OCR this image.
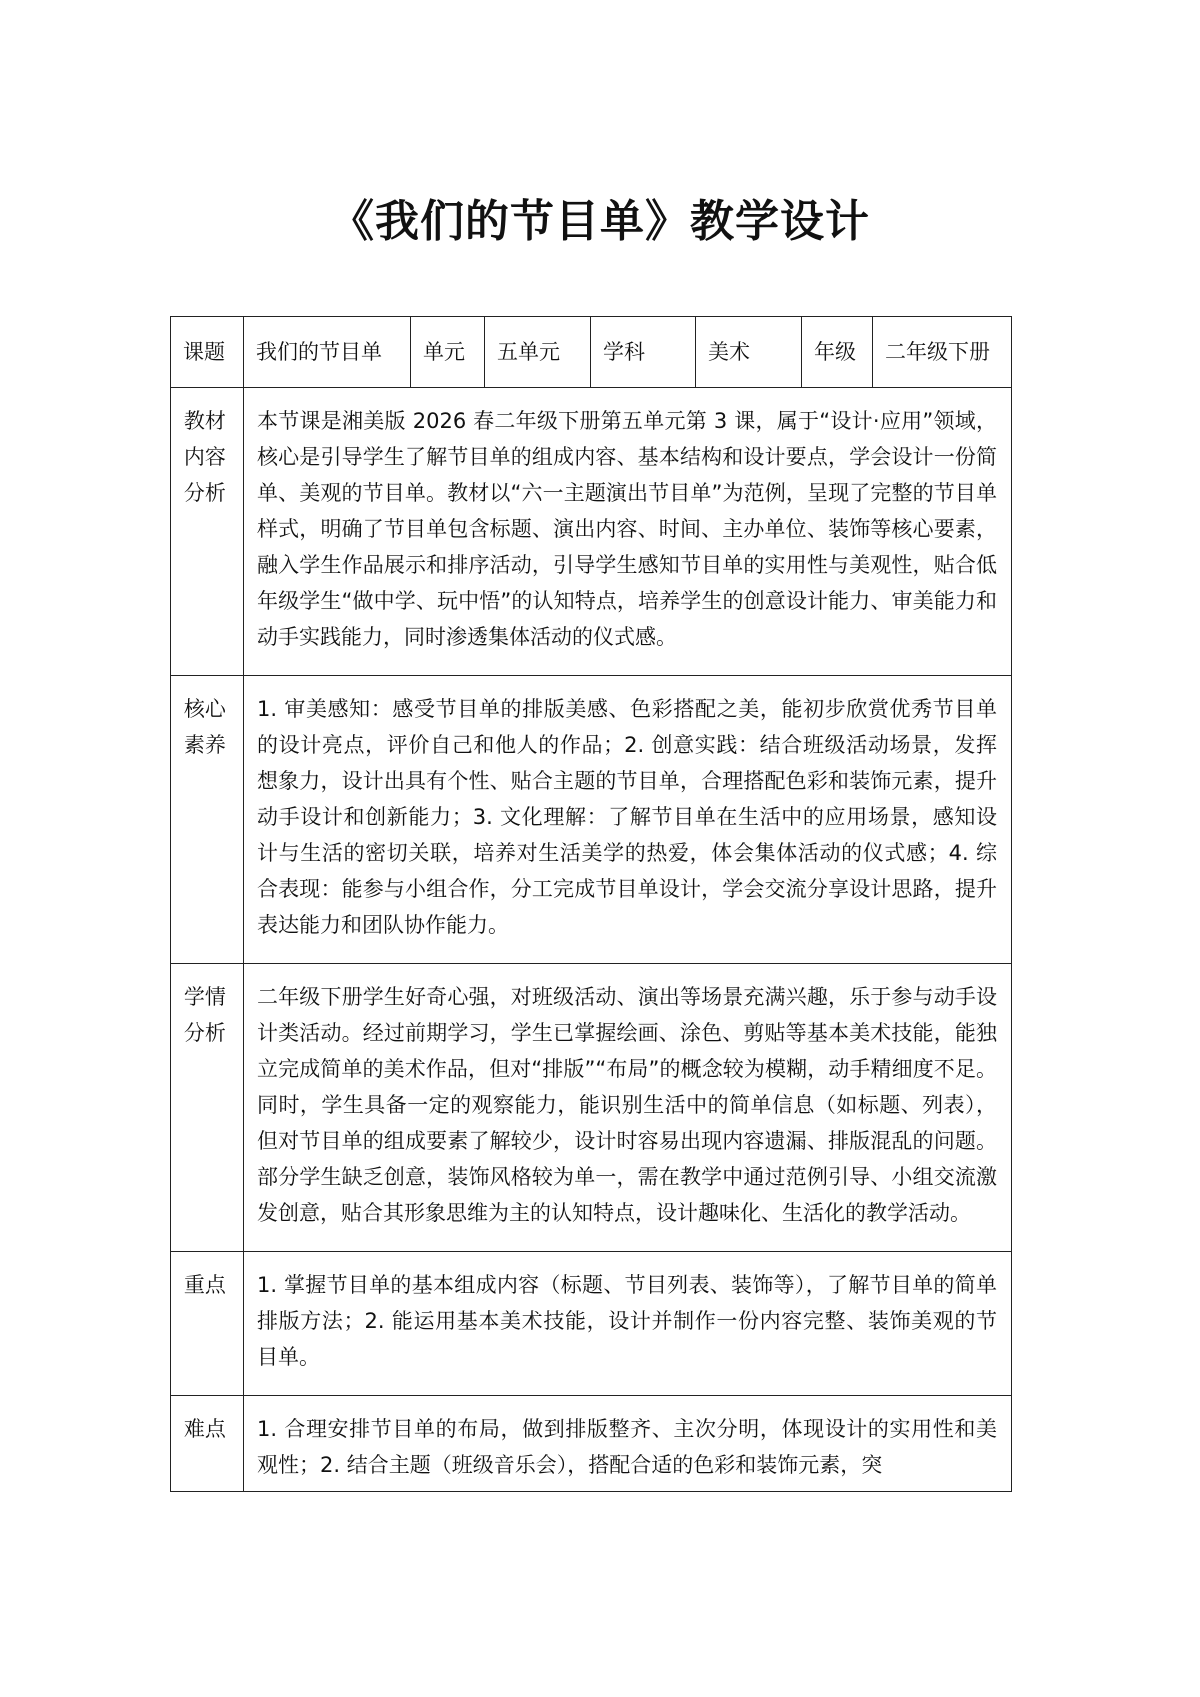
《我们的节目单》教学设计
课题	我们的节目单	单元	五单元	学科	美术	年级	二年级下册

教材内容分析	本节课是湘美版 2026 春二年级下册第五单元第 3 课，属于“设计·应用”领域，核心是引导学生了解节目单的组成内容、基本结构和设计要点，学会设计一份简单、美观的节目单。教材以“六一主题演出节目单”为范例，呈现了完整的节目单样式，明确了节目单包含标题、演出内容、时间、主办单位、装饰等核心要素，融入学生作品展示和排序活动，引导学生感知节目单的实用性与美观性，贴合低年级学生“做中学、玩中悟”的认知特点，培养学生的创意设计能力、审美能力和动手实践能力，同时渗透集体活动的仪式感。						

核心素养	1. 审美感知：感受节目单的排版美感、色彩搭配之美，能初步欣赏优秀节目单的设计亮点，评价自己和他人的作品；2. 创意实践：结合班级活动场景，发挥想象力，设计出具有个性、贴合主题的节目单，合理搭配色彩和装饰元素，提升动手设计和创新能力；3. 文化理解：了解节目单在生活中的应用场景，感知设计与生活的密切关联，培养对生活美学的热爱，体会集体活动的仪式感；4. 综合表现：能参与小组合作，分工完成节目单设计，学会交流分享设计思路，提升表达能力和团队协作能力。						

学情分析	二年级下册学生好奇心强，对班级活动、演出等场景充满兴趣，乐于参与动手设计类活动。经过前期学习，学生已掌握绘画、涂色、剪贴等基本美术技能，能独立完成简单的美术作品，但对“排版”“布局”的概念较为模糊，动手精细度不足。同时，学生具备一定的观察能力，能识别生活中的简单信息（如标题、列表），但对节目单的组成要素了解较少，设计时容易出现内容遗漏、排版混乱的问题。部分学生缺乏创意，装饰风格较为单一，需在教学中通过范例引导、小组交流激发创意，贴合其形象思维为主的认知特点，设计趣味化、生活化的教学活动。						

重点	1. 掌握节目单的基本组成内容（标题、节目列表、装饰等），了解节目单的简单排版方法；2. 能运用基本美术技能，设计并制作一份内容完整、装饰美观的节目单。						

难点	1. 合理安排节目单的布局，做到排版整齐、主次分明，体现设计的实用性和美观性；2. 结合主题（班级音乐会），搭配合适的色彩和装饰元素，突						
